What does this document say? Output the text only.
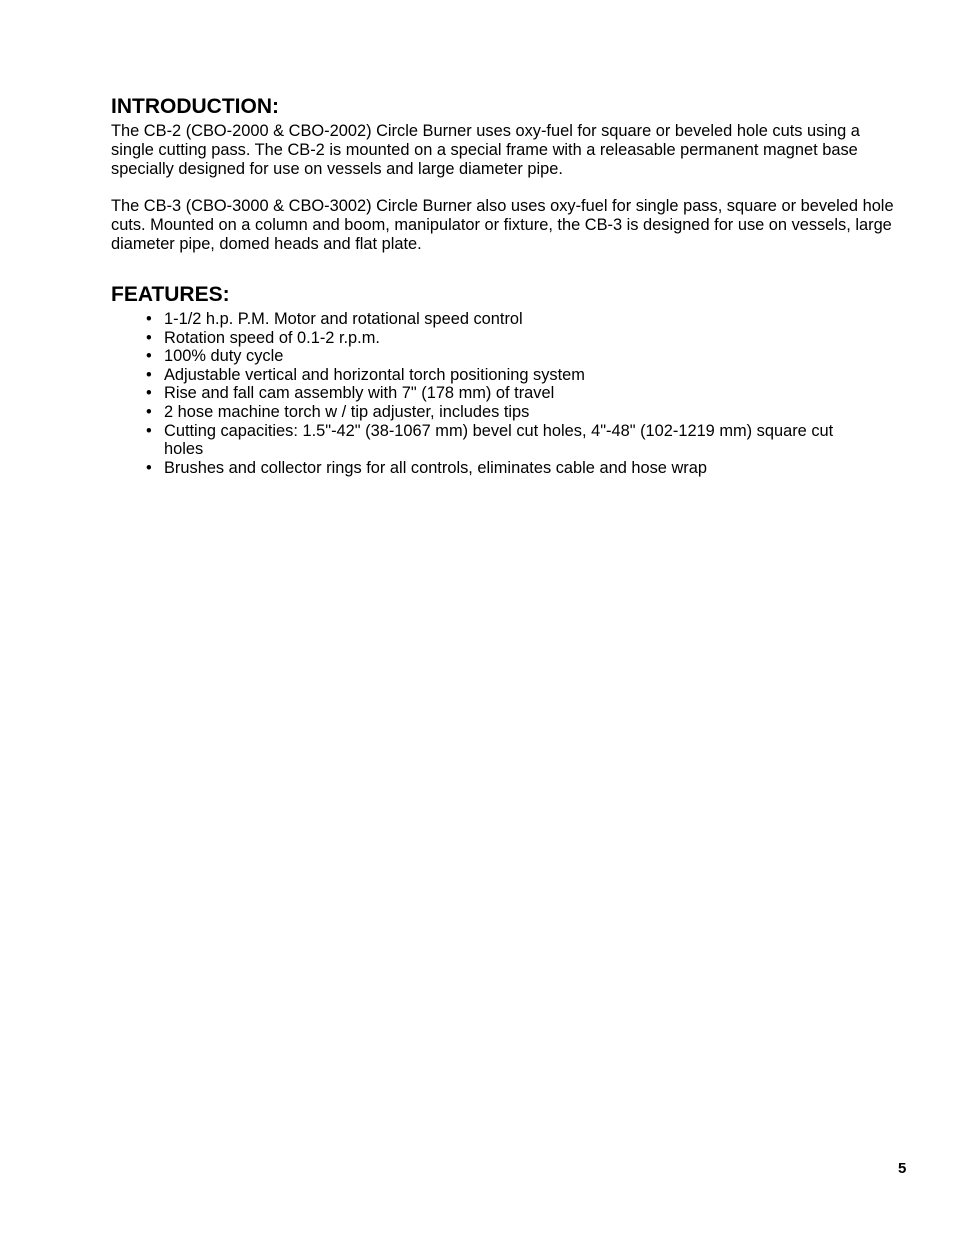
INTRODUCTION:

The CB-2 (CBO-2000 & CBO-2002) Circle Burner uses oxy-fuel for square or beveled hole cuts using a single cutting pass. The CB-2 is mounted on a special frame with a releasable permanent magnet base specially designed for use on vessels and large diameter pipe.

The CB-3 (CBO-3000 & CBO-3002) Circle Burner also uses oxy-fuel for single pass, square or beveled hole cuts. Mounted on a column and boom, manipulator or fixture, the CB-3 is designed for use on vessels, large diameter pipe, domed heads and flat plate.

FEATURES:
• 1-1/2 h.p. P.M. Motor and rotational speed control
• Rotation speed of 0.1-2 r.p.m.
• 100% duty cycle
• Adjustable vertical and horizontal torch positioning system
• Rise and fall cam assembly with 7" (178 mm) of travel
• 2 hose machine torch w / tip adjuster, includes tips
• Cutting capacities: 1.5"-42" (38-1067 mm) bevel cut holes, 4"-48" (102-1219 mm) square cut holes
• Brushes and collector rings for all controls, eliminates cable and hose wrap
5
